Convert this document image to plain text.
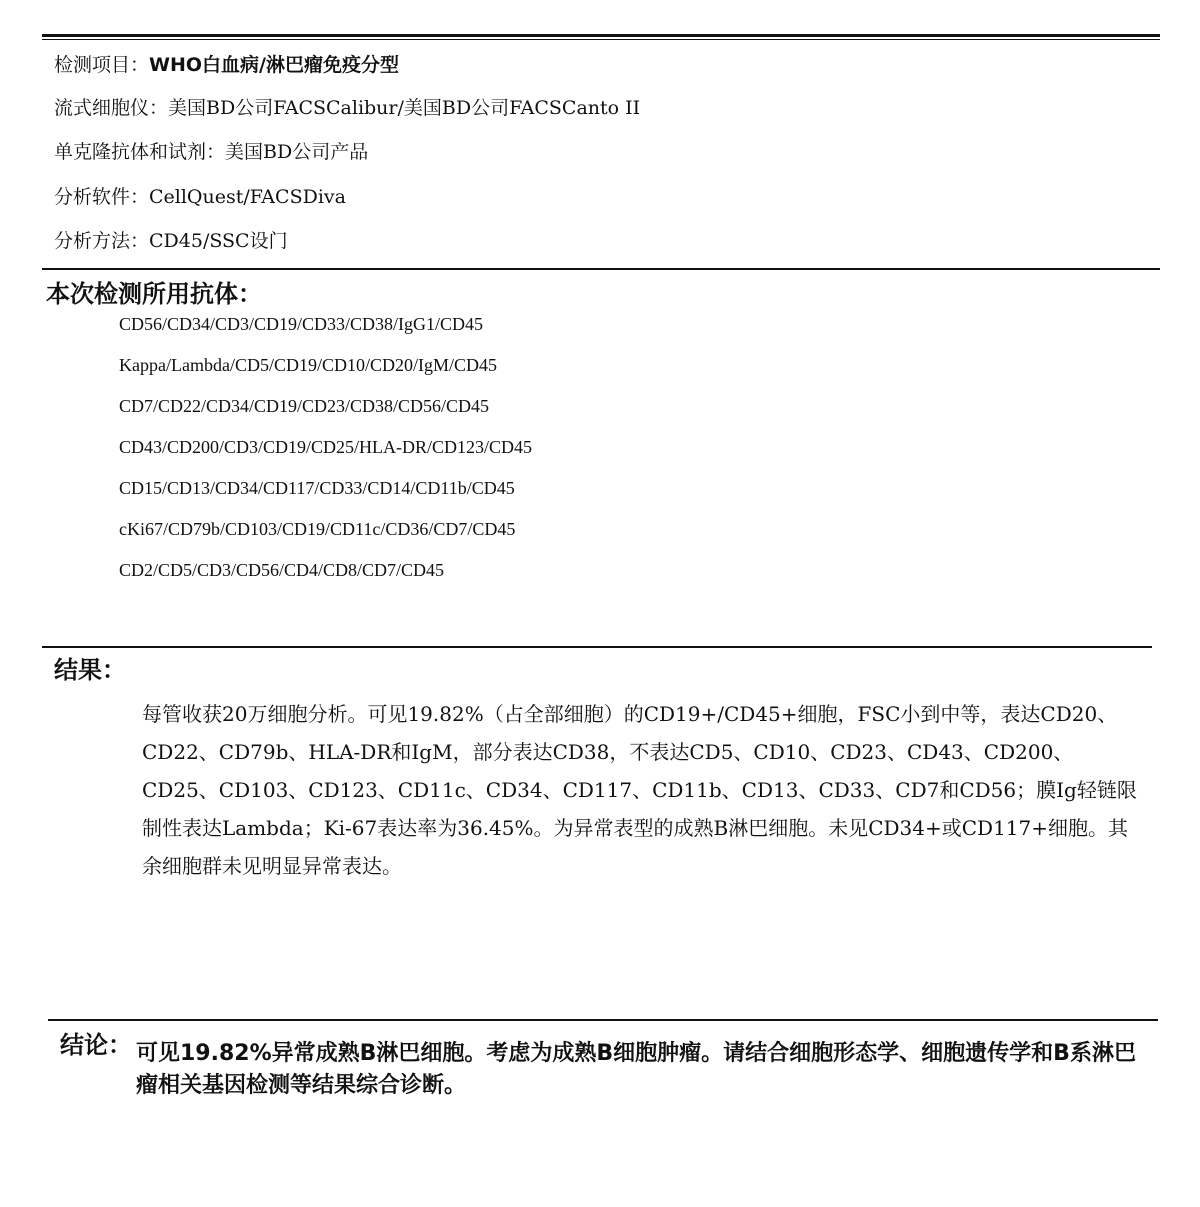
检测项目：WHO白血病/淋巴瘤免疫分型
流式细胞仪：美国BD公司FACSCalibur/美国BD公司FACSCanto II
单克隆抗体和试剂：美国BD公司产品
分析软件：CellQuest/FACSDiva
分析方法：CD45/SSC设门
本次检测所用抗体：
CD56/CD34/CD3/CD19/CD33/CD38/IgG1/CD45
Kappa/Lambda/CD5/CD19/CD10/CD20/IgM/CD45
CD7/CD22/CD34/CD19/CD23/CD38/CD56/CD45
CD43/CD200/CD3/CD19/CD25/HLA-DR/CD123/CD45
CD15/CD13/CD34/CD117/CD33/CD14/CD11b/CD45
cKi67/CD79b/CD103/CD19/CD11c/CD36/CD7/CD45
CD2/CD5/CD3/CD56/CD4/CD8/CD7/CD45
结果：

每管收获20万细胞分析。可见19.82%（占全部细胞）的CD19+/CD45+细胞，FSC小到中等，表达CD20、CD22、CD79b、HLA-DR和IgM，部分表达CD38，不表达CD5、CD10、CD23、CD43、CD200、CD25、CD103、CD123、CD11c、CD34、CD117、CD11b、CD13、CD33、CD7和CD56；膜Ig轻链限制性表达Lambda；Ki-67表达率为36.45%。为异常表型的成熟B淋巴细胞。未见CD34+或CD117+细胞。其余细胞群未见明显异常表达。

结论： 可见19.82%异常成熟B淋巴细胞。考虑为成熟B细胞肿瘤。请结合细胞形态学、细胞遗传学和B系淋巴瘤相关基因检测等结果综合诊断。
